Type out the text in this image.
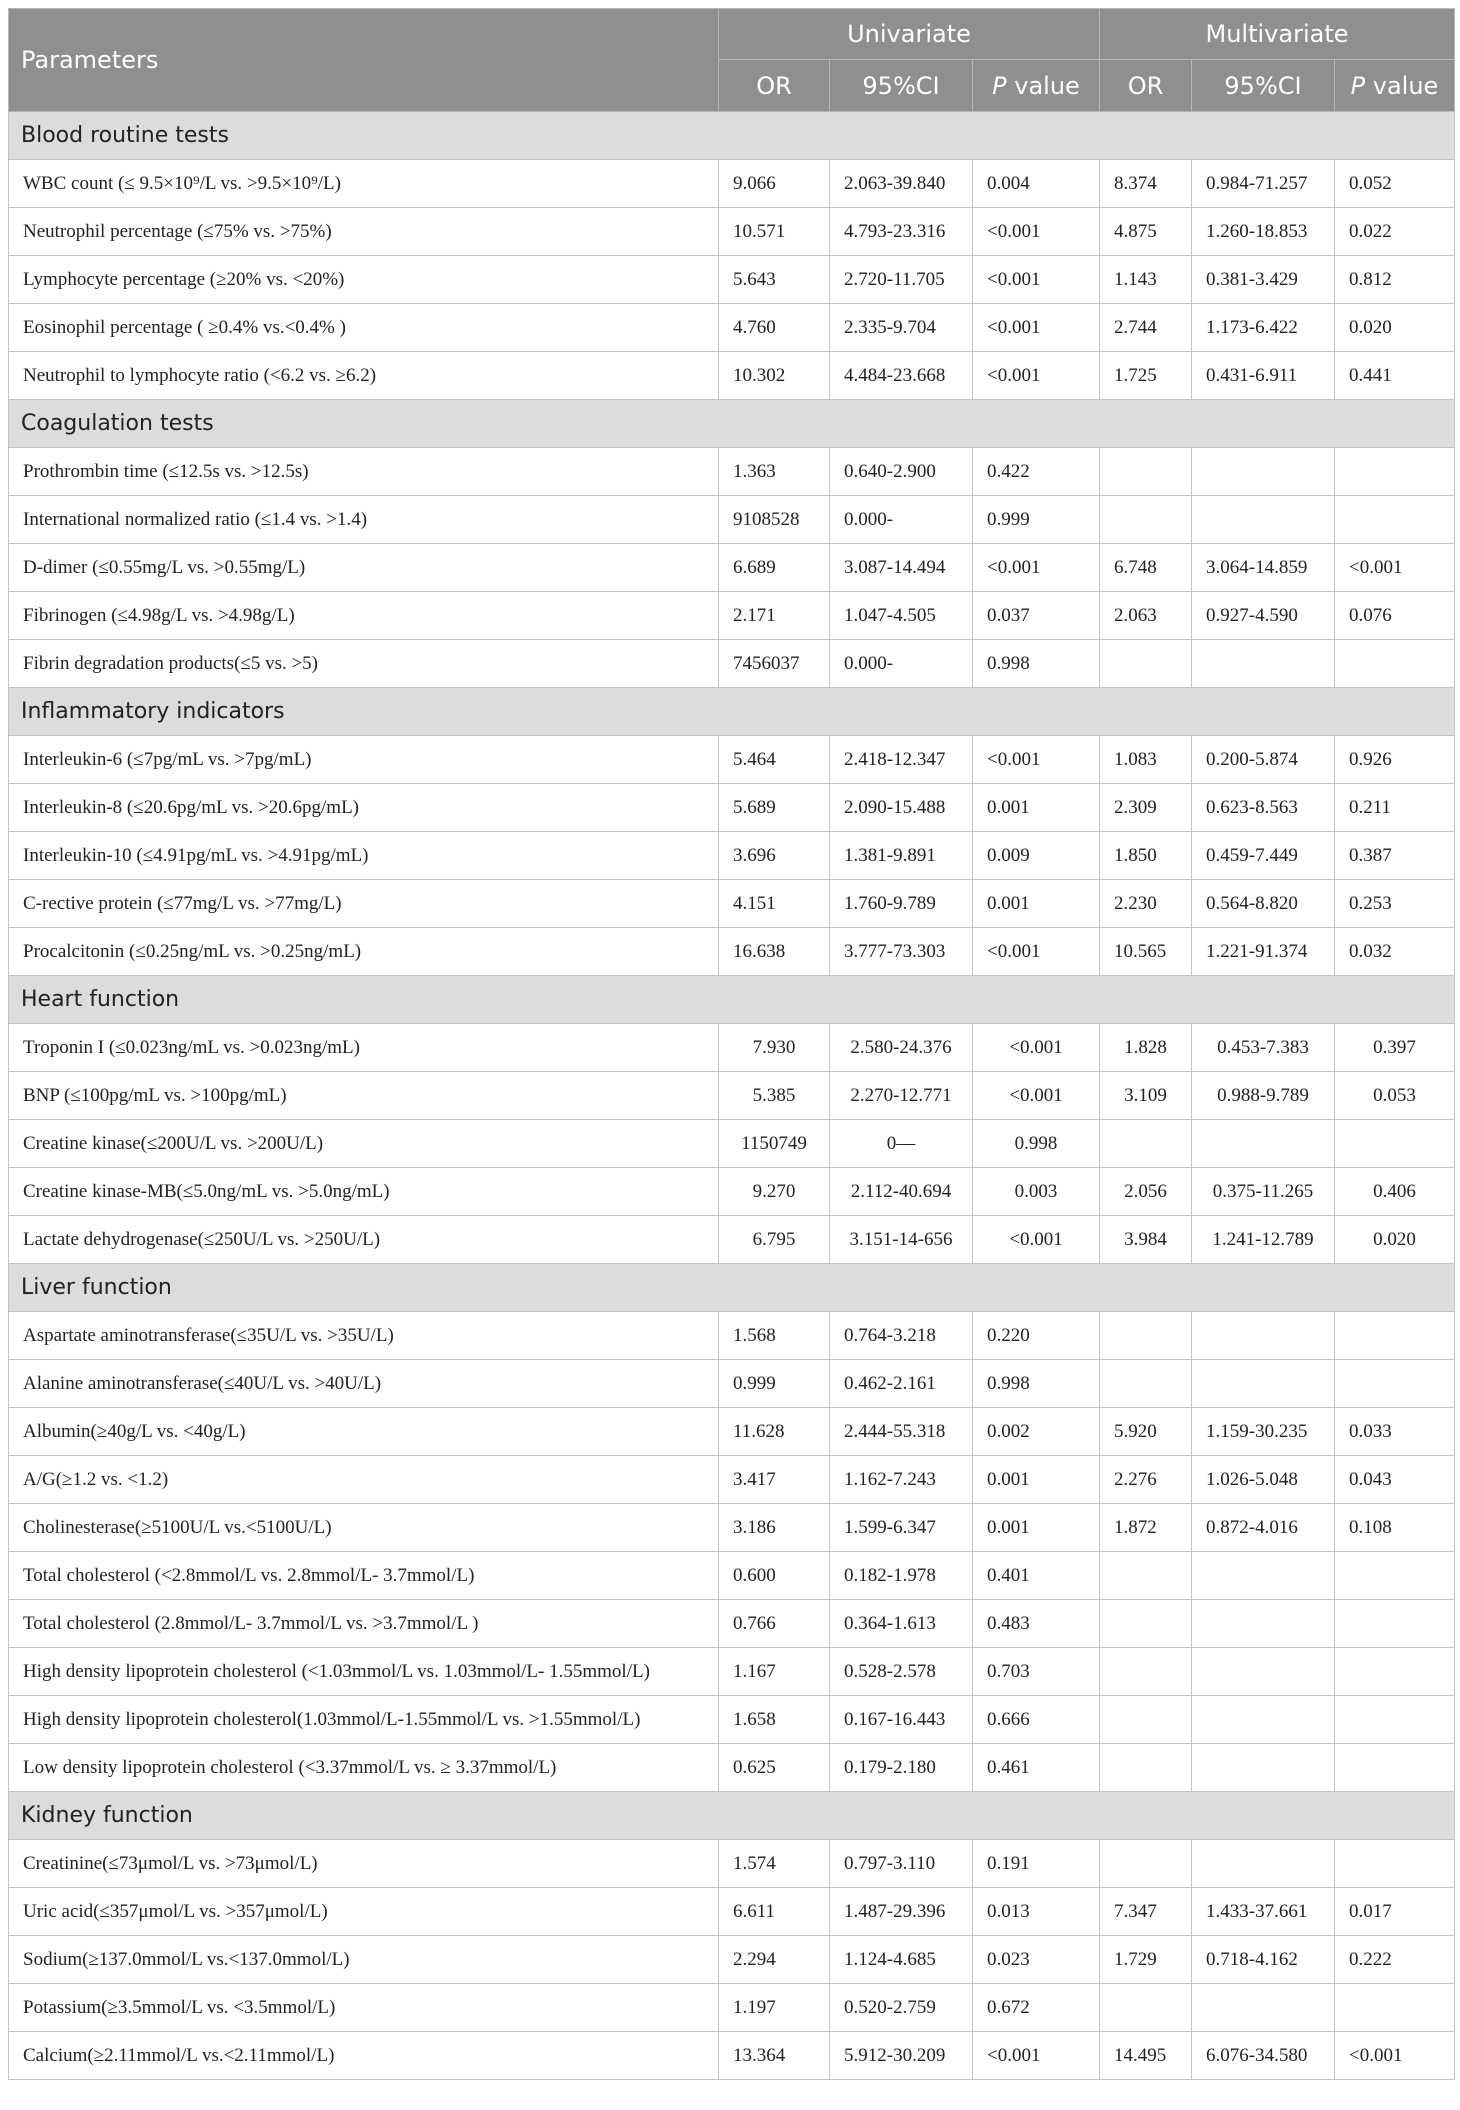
Parameters	Univariate			Multivariate		
	OR	95%CI	P value	OR	95%CI	P value
Blood routine tests						
WBC count (≤ 9.5×10⁹/L vs. >9.5×10⁹/L)	9.066	2.063-39.840	0.004	8.374	0.984-71.257	0.052
Neutrophil percentage (≤75% vs. >75%)	10.571	4.793-23.316	<0.001	4.875	1.260-18.853	0.022
Lymphocyte percentage (≥20% vs. <20%)	5.643	2.720-11.705	<0.001	1.143	0.381-3.429	0.812
Eosinophil percentage ( ≥0.4% vs.<0.4% )	4.760	2.335-9.704	<0.001	2.744	1.173-6.422	0.020
Neutrophil to lymphocyte ratio (<6.2 vs. ≥6.2)	10.302	4.484-23.668	<0.001	1.725	0.431-6.911	0.441
Coagulation tests						
Prothrombin time (≤12.5s vs. >12.5s)	1.363	0.640-2.900	0.422			
International normalized ratio (≤1.4 vs. >1.4)	9108528	0.000-	0.999			
D-dimer (≤0.55mg/L vs. >0.55mg/L)	6.689	3.087-14.494	<0.001	6.748	3.064-14.859	<0.001
Fibrinogen (≤4.98g/L vs. >4.98g/L)	2.171	1.047-4.505	0.037	2.063	0.927-4.590	0.076
Fibrin degradation products(≤5 vs. >5)	7456037	0.000-	0.998			
Inflammatory indicators						
Interleukin-6 (≤7pg/mL vs. >7pg/mL)	5.464	2.418-12.347	<0.001	1.083	0.200-5.874	0.926
Interleukin-8 (≤20.6pg/mL vs. >20.6pg/mL)	5.689	2.090-15.488	0.001	2.309	0.623-8.563	0.211
Interleukin-10 (≤4.91pg/mL vs. >4.91pg/mL)	3.696	1.381-9.891	0.009	1.850	0.459-7.449	0.387
C-rective protein (≤77mg/L vs. >77mg/L)	4.151	1.760-9.789	0.001	2.230	0.564-8.820	0.253
Procalcitonin (≤0.25ng/mL vs. >0.25ng/mL)	16.638	3.777-73.303	<0.001	10.565	1.221-91.374	0.032
Heart function						
Troponin I (≤0.023ng/mL vs. >0.023ng/mL)	7.930	2.580-24.376	<0.001	1.828	0.453-7.383	0.397
BNP (≤100pg/mL vs. >100pg/mL)	5.385	2.270-12.771	<0.001	3.109	0.988-9.789	0.053
Creatine kinase(≤200U/L vs. >200U/L)	1150749	0—	0.998			
Creatine kinase-MB(≤5.0ng/mL vs. >5.0ng/mL)	9.270	2.112-40.694	0.003	2.056	0.375-11.265	0.406
Lactate dehydrogenase(≤250U/L vs. >250U/L)	6.795	3.151-14-656	<0.001	3.984	1.241-12.789	0.020
Liver function						
Aspartate aminotransferase(≤35U/L vs. >35U/L)	1.568	0.764-3.218	0.220			
Alanine aminotransferase(≤40U/L vs. >40U/L)	0.999	0.462-2.161	0.998			
Albumin(≥40g/L vs. <40g/L)	11.628	2.444-55.318	0.002	5.920	1.159-30.235	0.033
A/G(≥1.2 vs. <1.2)	3.417	1.162-7.243	0.001	2.276	1.026-5.048	0.043
Cholinesterase(≥5100U/L vs.<5100U/L)	3.186	1.599-6.347	0.001	1.872	0.872-4.016	0.108
Total cholesterol (<2.8mmol/L vs. 2.8mmol/L- 3.7mmol/L)	0.600	0.182-1.978	0.401			
Total cholesterol (2.8mmol/L- 3.7mmol/L vs. >3.7mmol/L )	0.766	0.364-1.613	0.483			
High density lipoprotein cholesterol (<1.03mmol/L vs. 1.03mmol/L- 1.55mmol/L)	1.167	0.528-2.578	0.703			
High density lipoprotein cholesterol(1.03mmol/L-1.55mmol/L vs. >1.55mmol/L)	1.658	0.167-16.443	0.666			
Low density lipoprotein cholesterol (<3.37mmol/L vs. ≥ 3.37mmol/L)	0.625	0.179-2.180	0.461			
Kidney function						
Creatinine(≤73μmol/L vs. >73μmol/L)	1.574	0.797-3.110	0.191			
Uric acid(≤357μmol/L vs. >357μmol/L)	6.611	1.487-29.396	0.013	7.347	1.433-37.661	0.017
Sodium(≥137.0mmol/L vs.<137.0mmol/L)	2.294	1.124-4.685	0.023	1.729	0.718-4.162	0.222
Potassium(≥3.5mmol/L vs. <3.5mmol/L)	1.197	0.520-2.759	0.672			
Calcium(≥2.11mmol/L vs.<2.11mmol/L)	13.364	5.912-30.209	<0.001	14.495	6.076-34.580	<0.001
